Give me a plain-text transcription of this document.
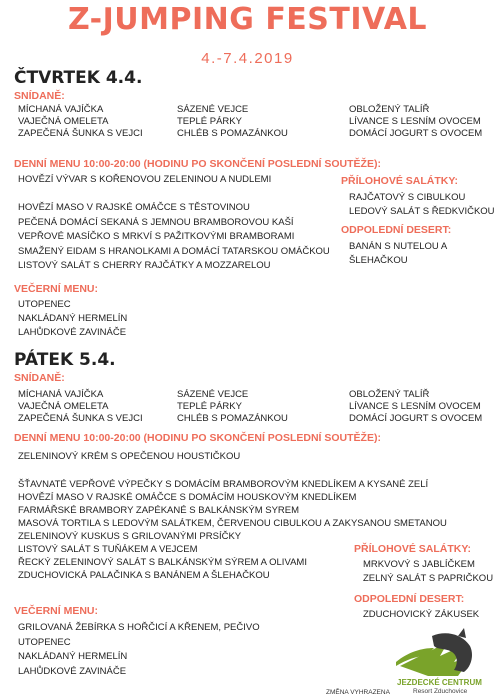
Z-JUMPING FESTIVAL
4.-7.4.2019
ČTVRTEK 4.4.
SNÍDANĚ:
MÍCHANÁ VAJÍČKA
VAJEČNÁ OMELETA
ZAPEČENÁ ŠUNKA S VEJCI
SÁZENÉ VEJCE
TEPLÉ PÁRKY
CHLÉB S POMAZÁNKOU
OBLOŽENÝ TALÍŘ
LÍVANCE S LESNÍM OVOCEM
DOMÁCÍ JOGURT S OVOCEM
DENNÍ MENU 10:00-20:00 (HODINU PO SKONČENÍ POSLEDNÍ SOUTĚŽE):
HOVĚZÍ VÝVAR S KOŘENOVOU ZELENINOU A NUDLEMI
HOVĚZÍ MASO V RAJSKÉ OMÁČCE S TĚSTOVINOU
PEČENÁ DOMÁCÍ SEKANÁ S JEMNOU BRAMBOROVOU KAŠÍ
VEPŘOVÉ MASÍČKO S MRKVÍ S PAŽITKOVÝMI BRAMBORAMI
SMAŽENÝ EIDAM S HRANOLKAMI A DOMÁCÍ TATARSKOU OMÁČKOU
LISTOVÝ SALÁT S CHERRY RAJČÁTKY A MOZZARELOU
PŘÍLOHOVÉ SALÁTKY:
RAJČATOVÝ S CIBULKOU
LEDOVÝ SALÁT S ŘEDKVIČKOU
ODPOLEDNÍ DESERT:
BANÁN S NUTELOU A
ŠLEHAČKOU
VEČERNÍ MENU:
UTOPENEC
NAKLÁDANÝ HERMELÍN
LAHŮDKOVÉ ZAVINÁČE
PÁTEK 5.4.
SNÍDANĚ:
MÍCHANÁ VAJÍČKA
VAJEČNÁ OMELETA
ZAPEČENÁ ŠUNKA S VEJCI
SÁZENÉ VEJCE
TEPLÉ PÁRKY
CHLÉB S POMAZÁNKOU
OBLOŽENÝ TALÍŘ
LÍVANCE S LESNÍM OVOCEM
DOMÁCÍ JOGURT S OVOCEM
DENNÍ MENU 10:00-20:00 (HODINU PO SKONČENÍ POSLEDNÍ SOUTĚŽE):
ZELENINOVÝ KRÉM S OPEČENOU HOUSTIČKOU
ŠŤAVNATÉ VEPŘOVÉ VÝPEČKY S DOMÁCÍM BRAMBOROVÝM KNEDLÍKEM A KYSANÉ ZELÍ
HOVĚZÍ MASO V RAJSKÉ OMÁČCE S DOMÁCÍM HOUSKOVÝM KNEDLÍKEM
FARMÁŘSKÉ BRAMBORY ZAPÉKANÉ S BALKÁNSKÝM SYREM
MASOVÁ TORTILA S LEDOVÝM SALÁTKEM, ČERVENOU CIBULKOU A ZAKYSANOU SMETANOU
ZELENINOVÝ KUSKUS S GRILOVANÝMI PRSÍČKY
LISTOVÝ SALÁT S TUŇÁKEM A VEJCEM
ŘECKÝ ZELENINOVÝ SALÁT S BALKÁNSKÝM SÝREM A OLIVAMI
ZDUCHOVICKÁ PALAČINKA S BANÁNEM A ŠLEHAČKOU
PŘÍLOHOVÉ SALÁTKY:
MRKVOVÝ S JABLÍČKEM
ZELNÝ SALÁT S PAPRIČKOU
ODPOLEDNÍ DESERT:
ZDUCHOVICKÝ ZÁKUSEK
VEČERNÍ MENU:
GRILOVANÁ ŽEBÍRKA S HOŘČICÍ A KŘENEM, PEČIVO
UTOPENEC
NAKLÁDANÝ HERMELÍN
LAHŮDKOVÉ ZAVINÁČE
JEZDECKÉ CENTRUM
Resort Zduchovice
ZMĚNA VYHRAZENA
